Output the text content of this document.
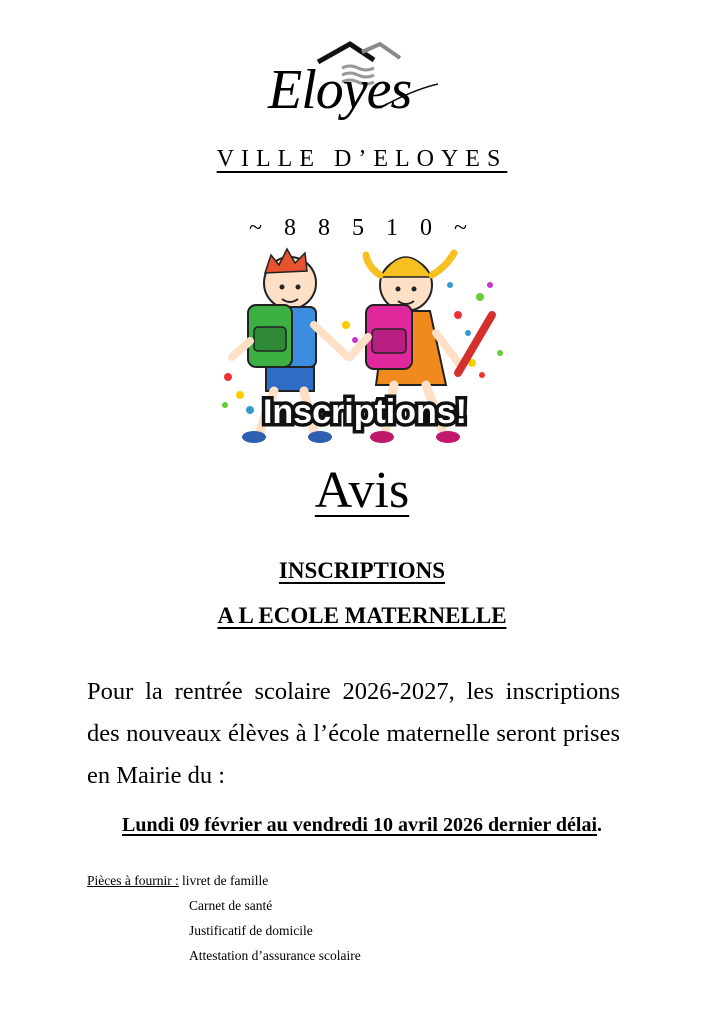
Eloyes
VILLE D’ELOYES
~ 8 8 5 1 0 ~
Inscriptions!
Avis
INSCRIPTIONS
A L ECOLE MATERNELLE
Pour la rentrée scolaire 2026-2027, les inscriptions des nouveaux élèves à l’école maternelle seront prises en Mairie du :
Lundi 09 février au vendredi 10 avril 2026 dernier délai.
Pièces à fournir : livret de famille
Carnet de santé
Justificatif de domicile
Attestation d’assurance scolaire
